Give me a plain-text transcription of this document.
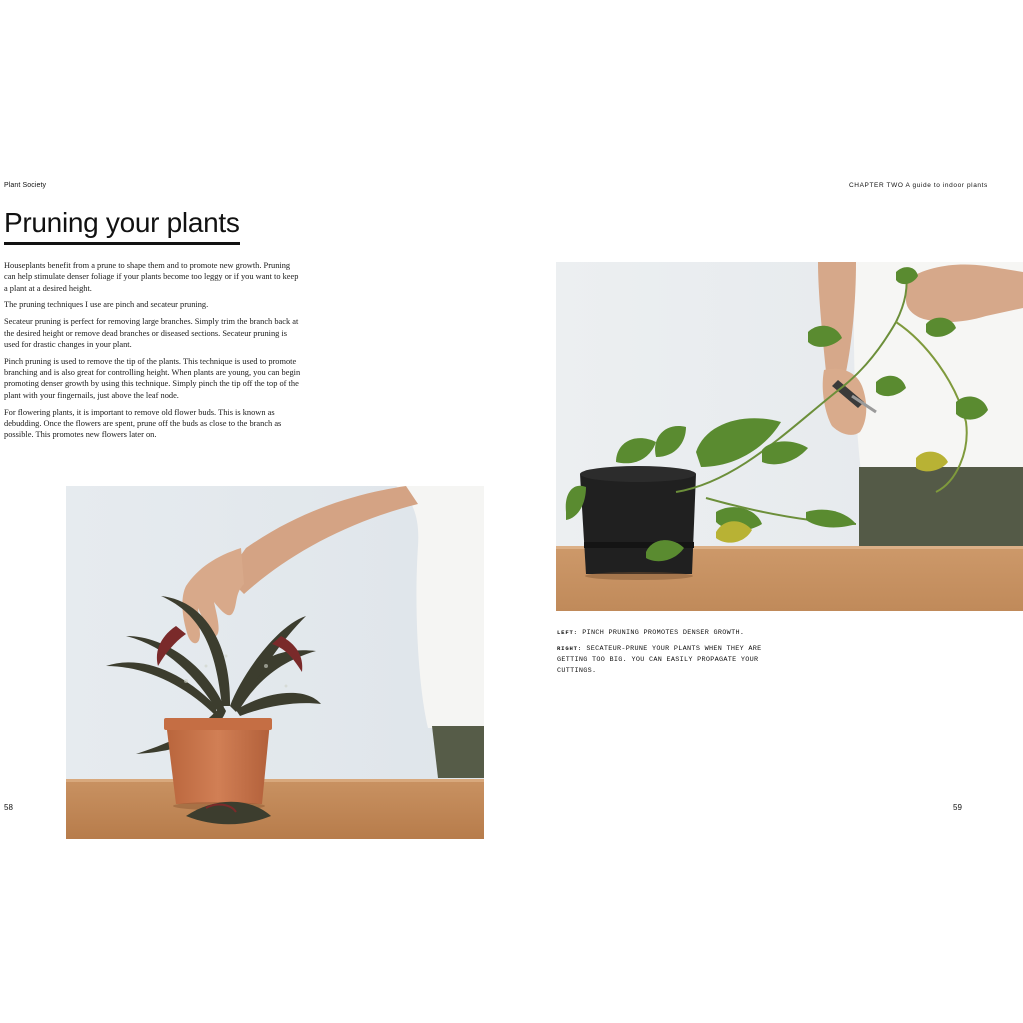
Plant Society
Pruning your plants

Houseplants benefit from a prune to shape them and to promote new growth. Pruning can help stimulate denser foliage if your plants become too leggy or if you want to keep a plant at a desired height.

The pruning techniques I use are pinch and secateur pruning.

Secateur pruning is perfect for removing large branches. Simply trim the branch back at the desired height or remove dead branches or diseased sections. Secateur pruning is used for drastic changes in your plant.

Pinch pruning is used to remove the tip of the plants. This technique is used to promote branching and is also great for controlling height. When plants are young, you can begin promoting denser growth by using this technique. Simply pinch the tip off the top of the plant with your fingernails, just above the leaf node.

For flowering plants, it is important to remove old flower buds. This is known as debudding. Once the flowers are spent, prune off the buds as close to the branch as possible. This promotes new flowers later on.

58
CHAPTER TWO A guide to indoor plants

LEFT: PINCH PRUNING PROMOTES DENSER GROWTH.

RIGHT: SECATEUR-PRUNE YOUR PLANTS WHEN THEY ARE GETTING TOO BIG. YOU CAN EASILY PROPAGATE YOUR CUTTINGS.

59
